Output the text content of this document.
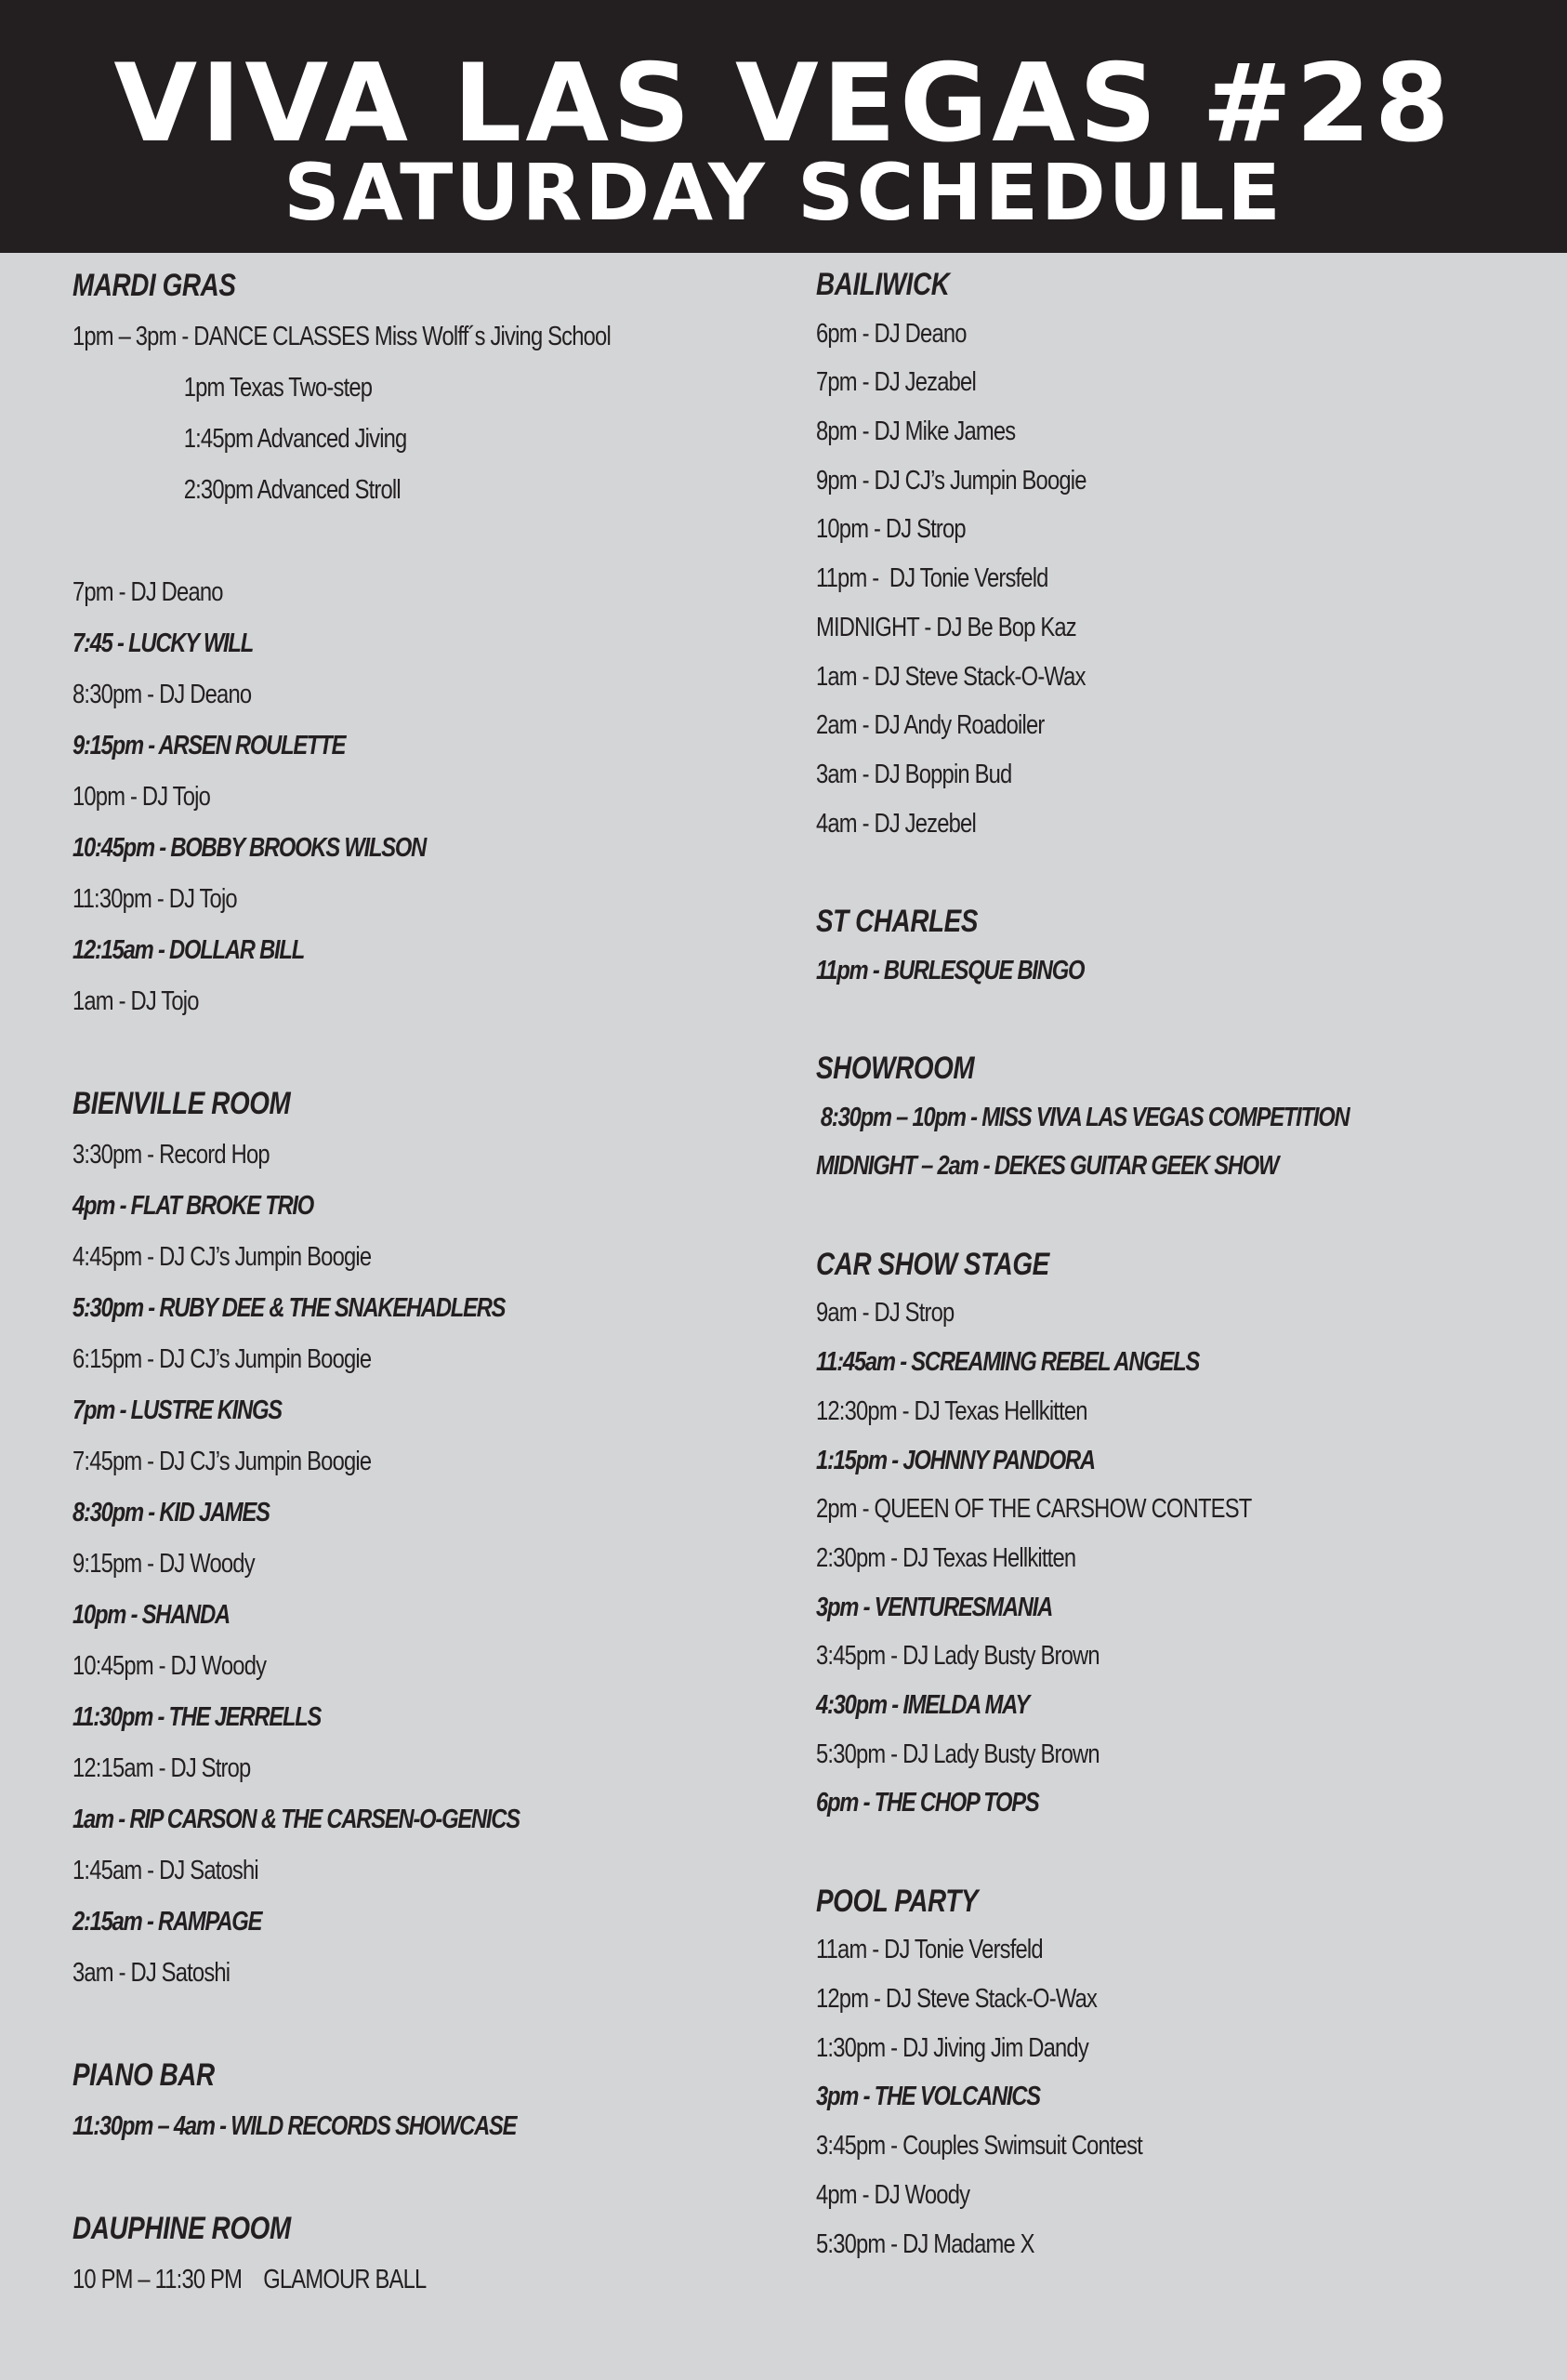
VIVA LAS VEGAS #28
SATURDAY SCHEDULE
MARDI GRAS
1pm – 3pm - DANCE CLASSES Miss Wolff´s Jiving School
1pm Texas Two-step
1:45pm Advanced Jiving
2:30pm Advanced Stroll
7pm - DJ Deano
7:45 - LUCKY WILL
8:30pm - DJ Deano
9:15pm - ARSEN ROULETTE
10pm - DJ Tojo
10:45pm - BOBBY BROOKS WILSON
11:30pm - DJ Tojo
12:15am - DOLLAR BILL
1am - DJ Tojo
BIENVILLE ROOM
3:30pm - Record Hop
4pm - FLAT BROKE TRIO
4:45pm - DJ CJ’s Jumpin Boogie
5:30pm - RUBY DEE & THE SNAKEHADLERS
6:15pm - DJ CJ’s Jumpin Boogie
7pm - LUSTRE KINGS
7:45pm - DJ CJ’s Jumpin Boogie
8:30pm - KID JAMES
9:15pm - DJ Woody
10pm - SHANDA
10:45pm - DJ Woody
11:30pm - THE JERRELLS
12:15am - DJ Strop
1am - RIP CARSON & THE CARSEN-O-GENICS
1:45am - DJ Satoshi
2:15am - RAMPAGE
3am - DJ Satoshi
PIANO BAR
11:30pm – 4am - WILD RECORDS SHOWCASE
DAUPHINE ROOM
10 PM – 11:30 PM    GLAMOUR BALL
BAILIWICK
6pm - DJ Deano
7pm - DJ Jezabel
8pm - DJ Mike James
9pm - DJ CJ’s Jumpin Boogie
10pm - DJ Strop
11pm -  DJ Tonie Versfeld
MIDNIGHT - DJ Be Bop Kaz
1am - DJ Steve Stack-O-Wax
2am - DJ Andy Roadoiler
3am - DJ Boppin Bud
4am - DJ Jezebel
ST CHARLES
11pm - BURLESQUE BINGO
SHOWROOM
8:30pm – 10pm - MISS VIVA LAS VEGAS COMPETITION
MIDNIGHT – 2am - DEKES GUITAR GEEK SHOW
CAR SHOW STAGE
9am - DJ Strop
11:45am - SCREAMING REBEL ANGELS
12:30pm - DJ Texas Hellkitten
1:15pm - JOHNNY PANDORA
2pm - QUEEN OF THE CARSHOW CONTEST
2:30pm - DJ Texas Hellkitten
3pm - VENTURESMANIA
3:45pm - DJ Lady Busty Brown
4:30pm - IMELDA MAY
5:30pm - DJ Lady Busty Brown
6pm - THE CHOP TOPS
POOL PARTY
11am - DJ Tonie Versfeld
12pm - DJ Steve Stack-O-Wax
1:30pm - DJ Jiving Jim Dandy
3pm - THE VOLCANICS
3:45pm - Couples Swimsuit Contest
4pm - DJ Woody
5:30pm - DJ Madame X
